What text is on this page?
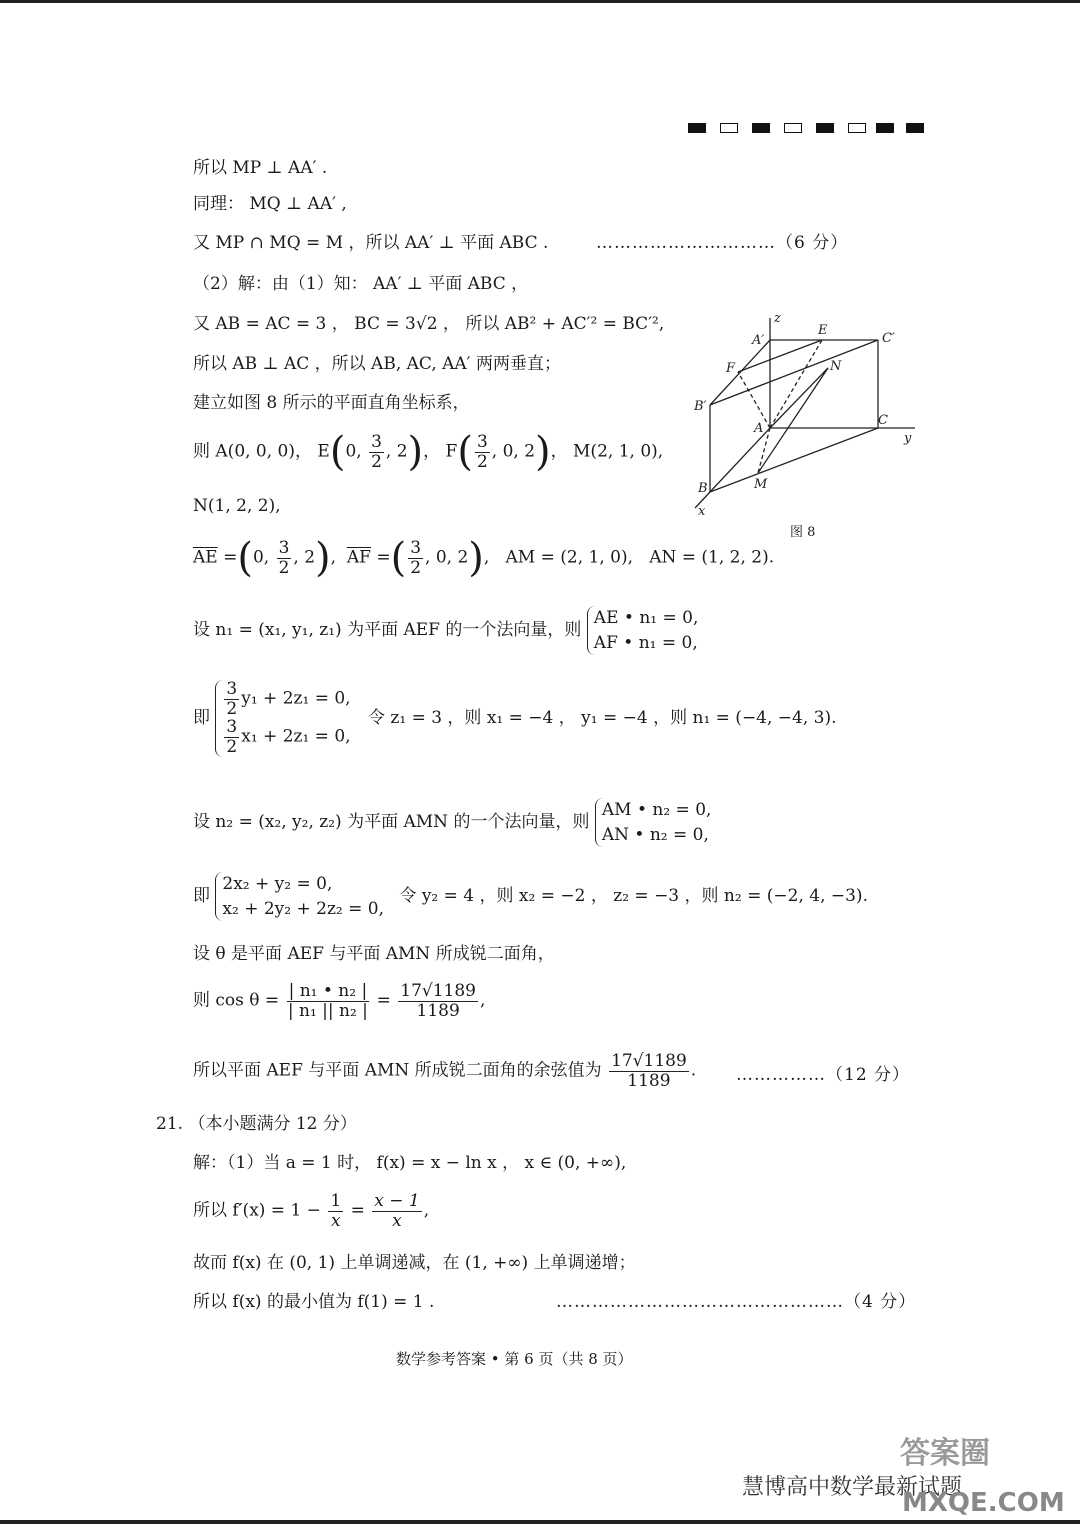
所以 MP ⊥ AA′ .
同理： MQ ⊥ AA′ ,
又 MP ∩ MQ = M ，所以 AA′ ⊥ 平面 ABC .	…………………………（6 分）
（2）解：由（1）知： AA′ ⊥ 平面 ABC ，
又 AB = AC = 3 ， BC = 3√2 ， 所以 AB² + AC′² = BC′²,
所以 AB ⊥ AC ，所以 AB, AC, AA′ 两两垂直；
建立如图 8 所示的平面直角坐标系，
则 A(0, 0, 0)， E(0, $\frac{3}{2}$ , 2)， $F( \frac{3}{2}$ , 0, 2)， M(2, 1, 0),
N(1, 2, 2),
$\overline{AE} =(0$, $\frac{3}{2}$ , 2),  $\overline{AF}$ =( $\frac{3}{2}$ , 0, 2),   AM = (2, 1, 0), AN = (1, 2, 2).
设 n₁ = (x₁, y₁, z₁) 为平面 AEF 的一个法向量，则
AE • n₁ = 0,
AF • n₁ = 0,
即 $\frac{3}{2} y_1 + 2z_1 = 0$,
$\frac{3}{2} x_1 + 2z_1 = 0$,
令 z₁ = 3 ，则 x₁ = −4 ， y₁ = −4 ，则 n₁ = (−4, −4, 3).
设 n₂ = (x₂, y₂, z₂) 为平面 AMN 的一个法向量，则
AM • n₂ = 0,
AN • n₂ = 0,
即
2x₂ + y₂ = 0,
x₂ + 2y₂ + 2z₂ = 0,
令 y₂ = 4 ，则 x₂ = −2 ， z₂ = −3 ，则 n₂ = (−2, 4, −3).
设 θ 是平面 AEF 与平面 AMN 所成锐二面角，
则 $\cos \theta = \frac{\text{| n₁ • n₂ |}}{\text{| n₁ || n₂ |}} = \frac{17√1189}{1189}$ ,
所以平面 AEF 与平面 AMN 所成锐二面角的余弦值为 $\frac{17√1189}{1189}$ . ……………（12 分）
21. （本小题满分 12 分）
解：（1）当 a = 1 时， f(x) = x − ln x ， x ∈ (0, +∞),
所以 $f'(x) = 1 - \frac{1}{x} = \frac{x - 1}{x}$ ,
故而 f(x) 在 (0, 1) 上单调递减，在 (1, +∞) 上单调递增；
所以 f(x) 的最小值为 f(1) = 1 .	…………………………………………（4 分）
数学参考答案 • 第 6 页（共 8 页）
z
E
C′
A′
F	N
B′
A
C
y
B	M
x
图 8
慧博高中数学最新试题
答案圈
MXQE.COM
